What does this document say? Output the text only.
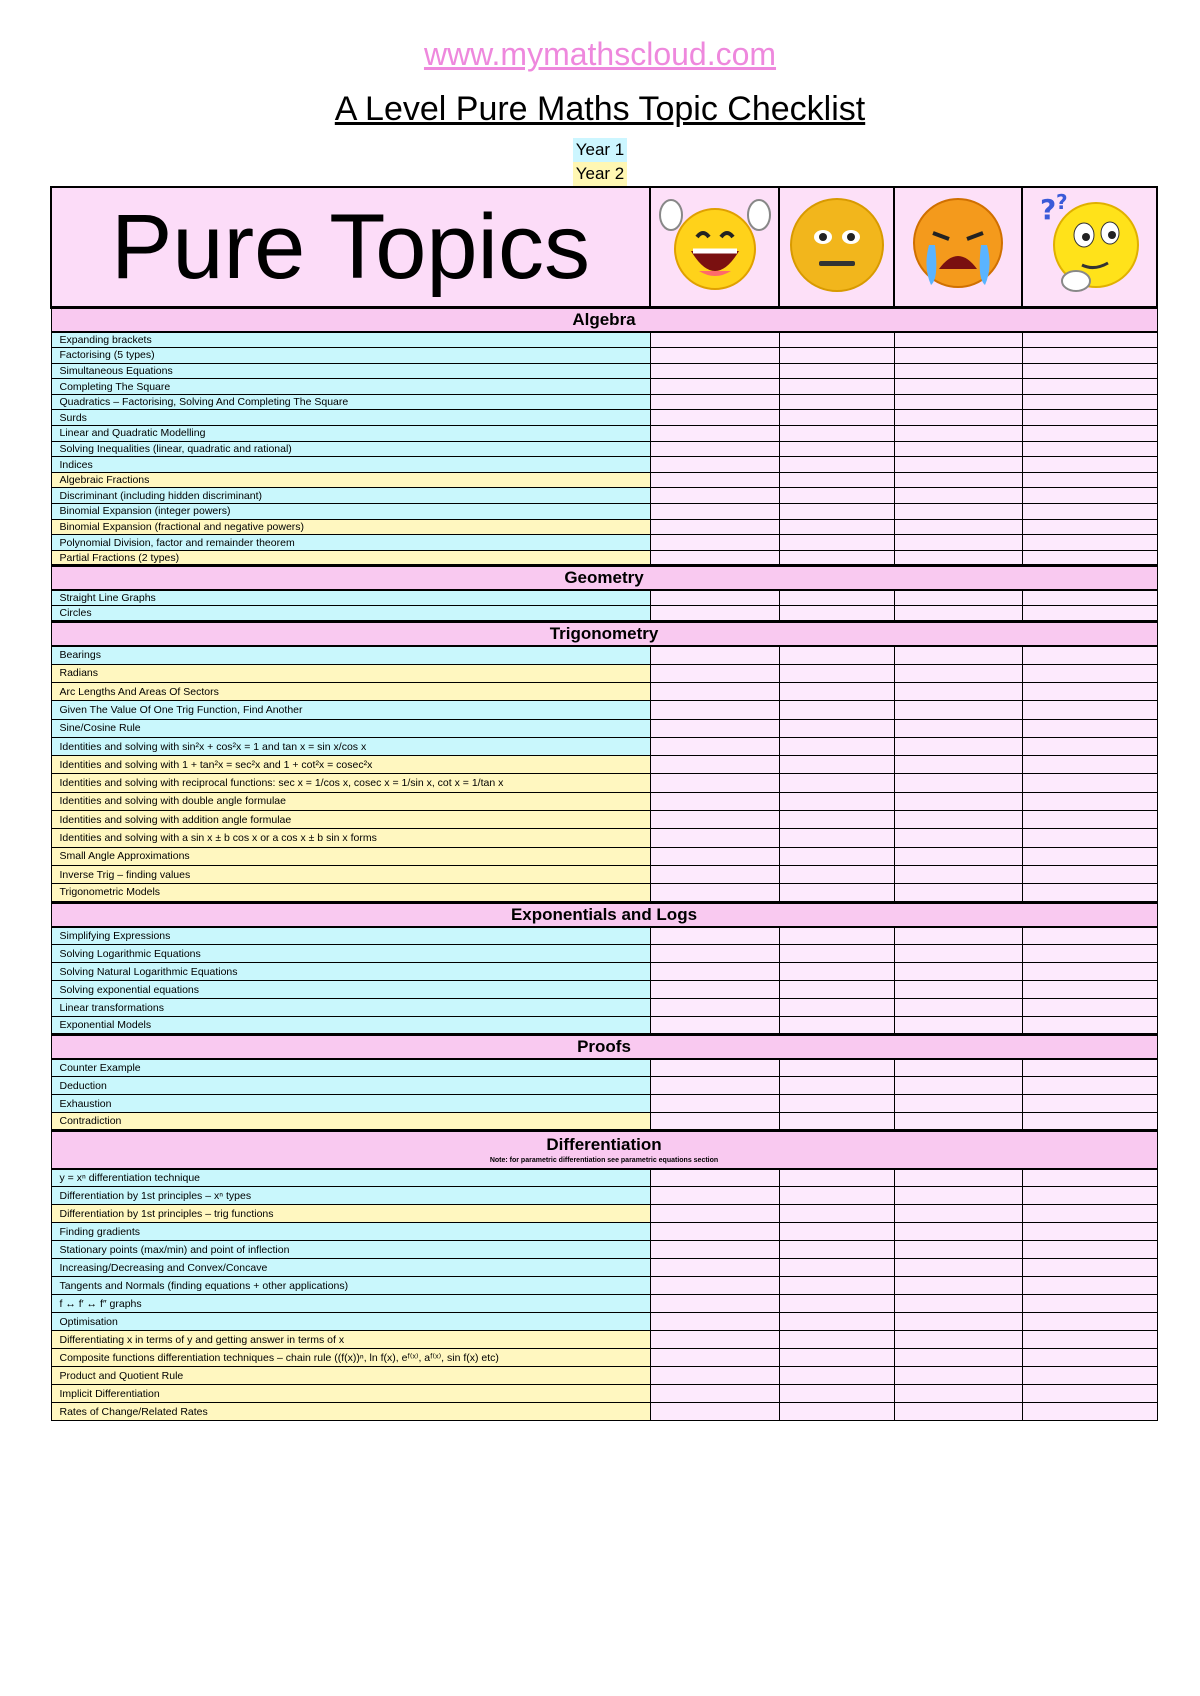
www.mymathscloud.com
A Level Pure Maths Topic Checklist
Year 1
Year 2
Pure Topics				? ?

Algebra				

Expanding brackets				
Factorising (5 types)				
Simultaneous Equations				
Completing The Square				
Quadratics – Factorising, Solving And Completing The Square				
Surds				
Linear and Quadratic Modelling				
Solving Inequalities (linear, quadratic and rational)				
Indices				
Algebraic Fractions				
Discriminant (including hidden discriminant)				
Binomial Expansion (integer powers)				
Binomial Expansion (fractional and negative powers)				
Polynomial Division, factor and remainder theorem				
Partial Fractions (2 types)				

Geometry				

Straight Line Graphs				
Circles				

Trigonometry				

Bearings				
Radians				
Arc Lengths And Areas Of Sectors				
Given The Value Of One Trig Function, Find Another				
Sine/Cosine Rule				
Identities and solving with sin²x + cos²x = 1 and tan x = sin x/cos x				
Identities and solving with 1 + tan²x = sec²x and 1 + cot²x = cosec²x				
Identities and solving with reciprocal functions: sec x = 1/cos x, cosec x = 1/sin x, cot x = 1/tan x				
Identities and solving with double angle formulae				
Identities and solving with addition angle formulae				
Identities and solving with a sin x ± b cos x or a cos x ± b sin x forms				
Small Angle Approximations				
Inverse Trig – finding values				
Trigonometric Models				

Exponentials and Logs				

Simplifying Expressions				
Solving Logarithmic Equations				
Solving Natural Logarithmic Equations				
Solving exponential equations				
Linear transformations				
Exponential Models				

Proofs				

Counter Example				
Deduction				
Exhaustion				
Contradiction				

Differentiation
Note: for parametric differentiation see parametric equations section				

y = xⁿ differentiation technique				
Differentiation by 1st principles – xⁿ types				
Differentiation by 1st principles – trig functions				
Finding gradients				
Stationary points (max/min) and point of inflection				
Increasing/Decreasing and Convex/Concave				
Tangents and Normals (finding equations + other applications)				
f ↔ f′ ↔ f″ graphs				
Optimisation				
Differentiating x in terms of y and getting answer in terms of x				
Composite functions differentiation techniques – chain rule ((f(x))ⁿ, ln f(x), eᶠ⁽ˣ⁾, aᶠ⁽ˣ⁾, sin f(x) etc)				
Product and Quotient Rule				
Implicit Differentiation				
Rates of Change/Related Rates				
